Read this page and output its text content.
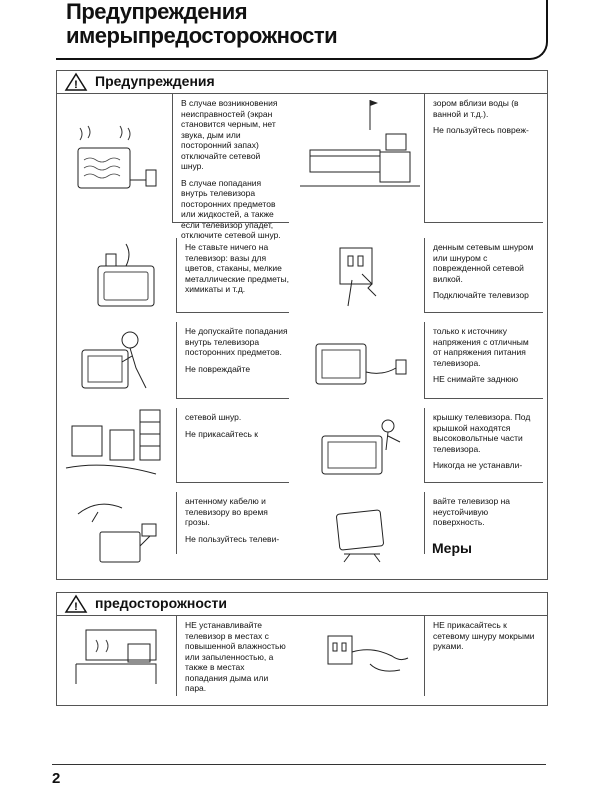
Предупреждения
имерыпредосторожности
! Предупреждения

В случае возникновения неисправностей (экран становится черным, нет звука, дым или посторонний запах) отключайте сетевой шнур.

В случае попадания внутрь телевизора посторонних предметов или жидкостей, а также если телевизор упадет, отключите сетевой шнур.

зором вблизи воды (в ванной и т.д.).

Не пользуйтесь повреж-

Не ставьте ничего на телевизор: вазы для цветов, стаканы, мелкие металлические предметы, химикаты и т.д.

денным сетевым шнуром или шнуром с поврежденной сетевой вилкой.

Подключайте телевизор

Не допускайте попадания внутрь телевизора посторонних предметов.

Не повреждайте

только к источнику напряжения с отличным от напряжения питания телевизора.

НЕ снимайте заднюю

сетевой шнур.

Не прикасайтесь к

крышку телевизора. Под крышкой находятся высоковольтные части телевизора.

Никогда не устанавли-

антенному кабелю и телевизору во время грозы.

Не пользуйтесь телеви-

вайте телевизор на неустойчивую поверхность.

Меры
! предосторожности

НЕ устанавливайте телевизор в местах с повышенной влажностью или запыленностью, а также в местах попадания дыма или пара.

НЕ прикасайтесь к сетевому шнуру мокрыми руками.

2
